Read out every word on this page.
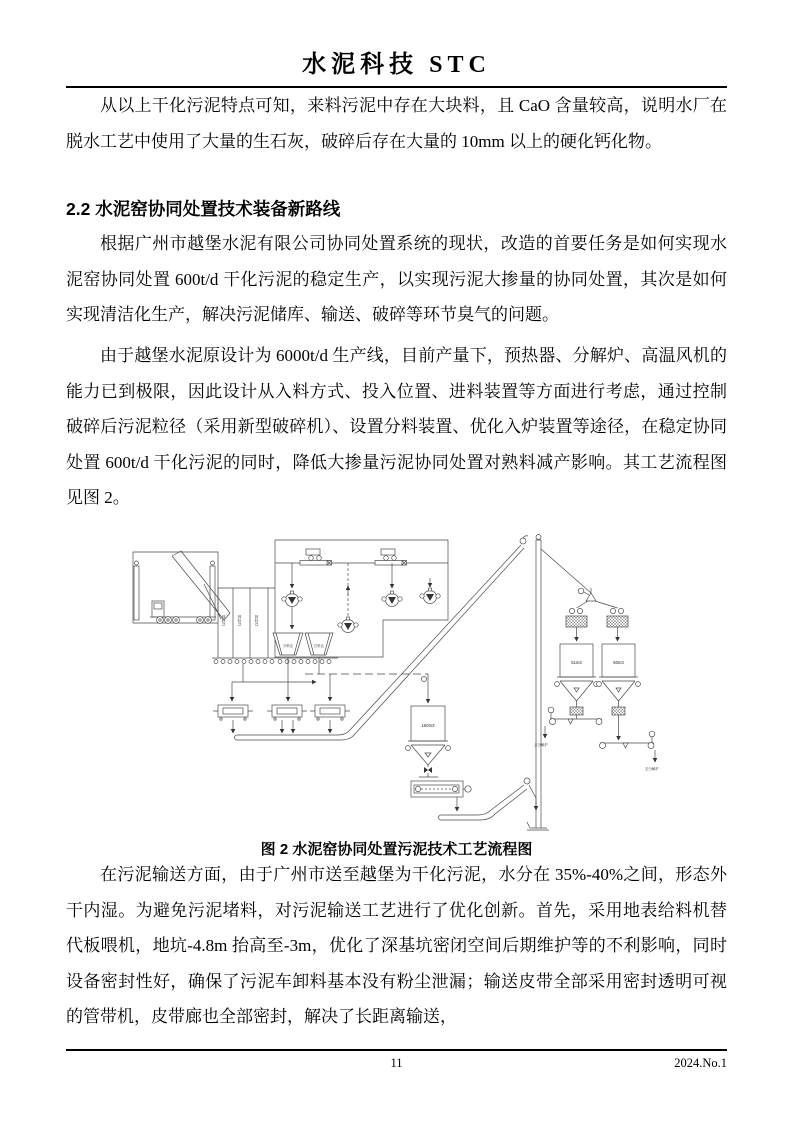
水泥科技 STC
从以上干化污泥特点可知，来料污泥中存在大块料，且 CaO 含量较高，说明水厂在脱水工艺中使用了大量的生石灰，破碎后存在大量的 10mm 以上的硬化钙化物。
2.2 水泥窑协同处置技术装备新路线
根据广州市越堡水泥有限公司协同处置系统的现状，改造的首要任务是如何实现水泥窑协同处置 600t/d 干化污泥的稳定生产，以实现污泥大掺量的协同处置，其次是如何实现清洁化生产，解决污泥储库、输送、破碎等环节臭气的问题。
由于越堡水泥原设计为 6000t/d 生产线，目前产量下，预热器、分解炉、高温风机的能力已到极限，因此设计从入料方式、投入位置、进料装置等方面进行考虑，通过控制破碎后污泥粒径（采用新型破碎机）、设置分料装置、优化入炉装置等途径，在稳定协同处置 600t/d 干化污泥的同时，降低大掺量污泥协同处置对熟料减产影响。其工艺流程图见图 2。
卸料仓	卸料仓	卸料仓
分料仓	石料仓
51m3	50m3
去分解炉
去分解炉
150m3
图 2 水泥窑协同处置污泥技术工艺流程图
在污泥输送方面，由于广州市送至越堡为干化污泥，水分在 35%-40%之间，形态外干内湿。为避免污泥堵料，对污泥输送工艺进行了优化创新。首先，采用地表给料机替代板喂机，地坑-4.8m 抬高至-3m，优化了深基坑密闭空间后期维护等的不利影响，同时设备密封性好，确保了污泥车卸料基本没有粉尘泄漏；输送皮带全部采用密封透明可视的管带机，皮带廊也全部密封，解决了长距离输送，
11	2024.No.1
